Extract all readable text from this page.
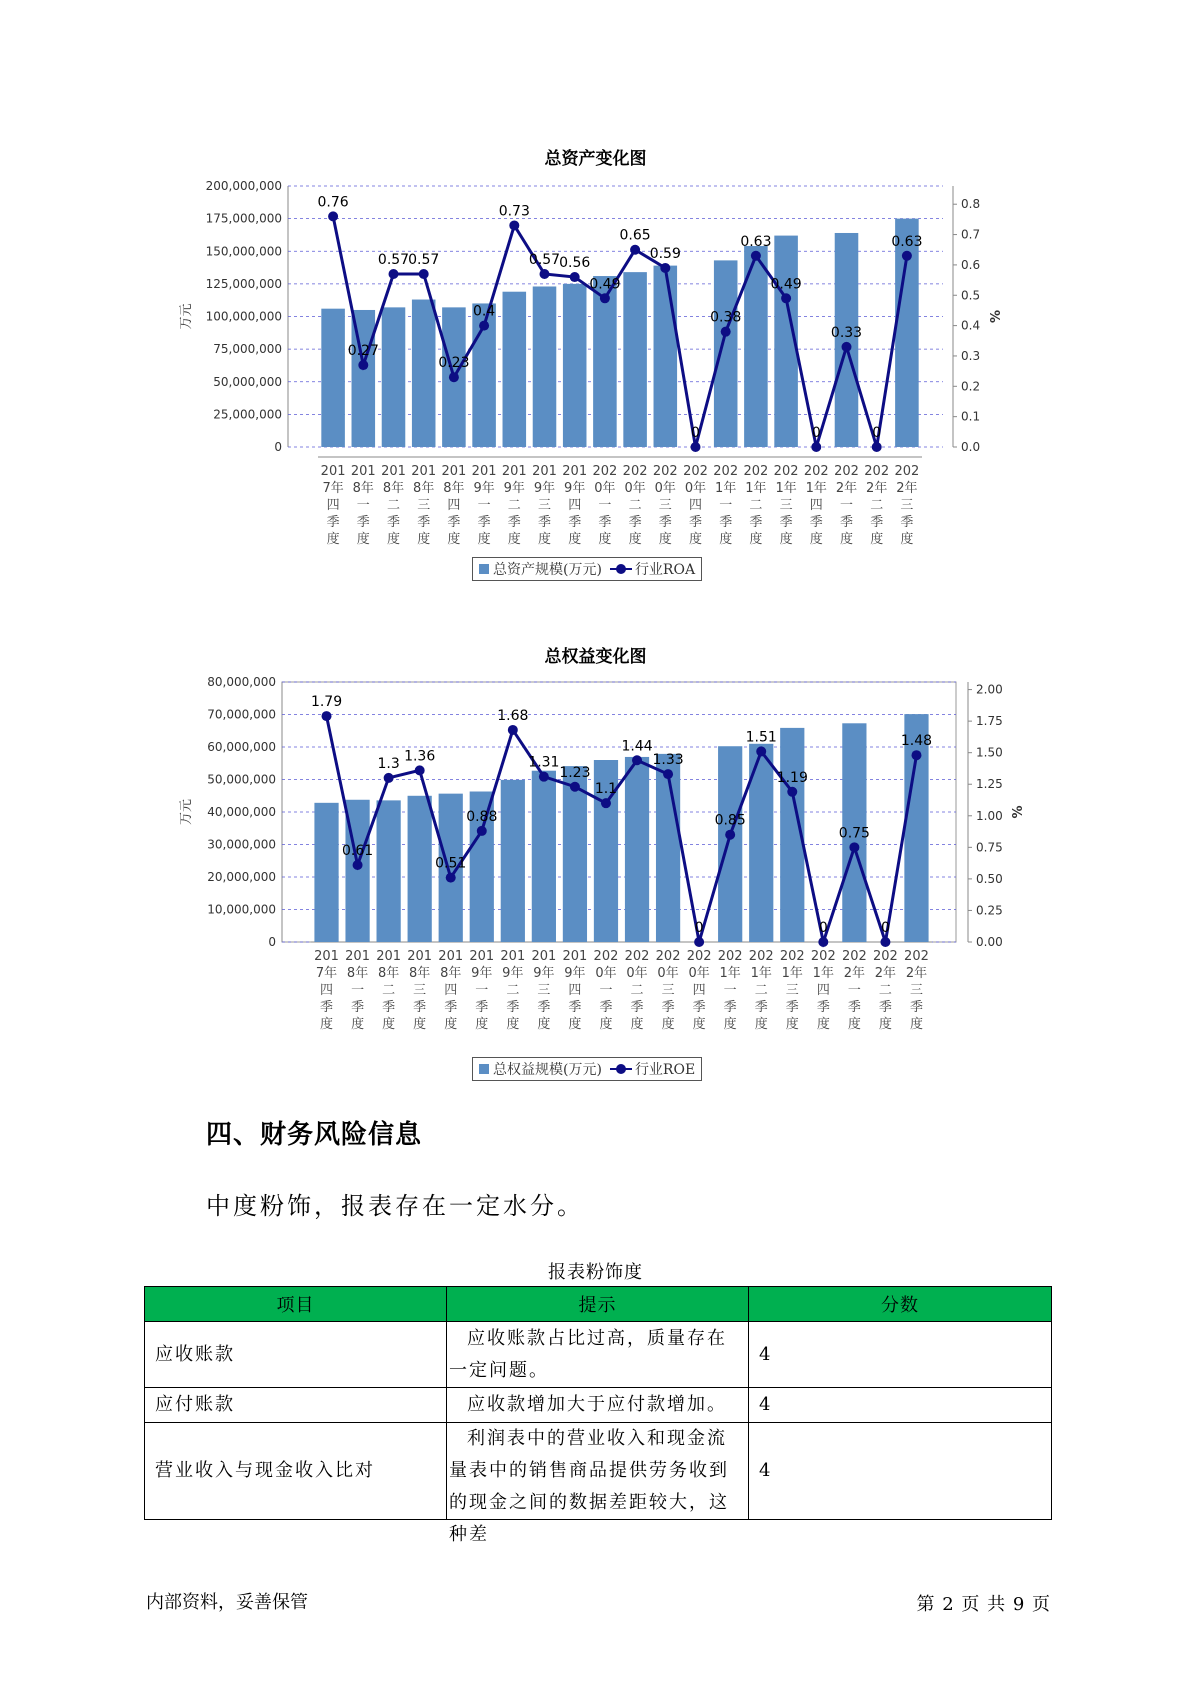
总资产变化图
0
25,000,000
50,000,000
75,000,000
100,000,000
125,000,000
150,000,000
175,000,000
200,000,000
0.0
0.1
0.2
0.3
0.4
0.5
0.6
0.7
0.8
万元	%
201
7年
四
季
度
201
8年
一
季
度
201
8年
二
季
度
201
8年
三
季
度
201
8年
四
季
度
201
9年
一
季
度
201
9年
二
季
度
201
9年
三
季
度
201
9年
四
季
度
202
0年
一
季
度
202
0年
二
季
度
202
0年
三
季
度
202
0年
四
季
度
202
1年
一
季
度
202
1年
二
季
度
202
1年
三
季
度
202
1年
四
季
度
202
2年
一
季
度
202
2年
二
季
度
202
2年
三
季
度
0.76
0.27
0.57 0.57
0.23
0.4
0.73
0.57 0.56
0.49
0.65
0.59
0
0.38
0.63
0.49
0
0.33
0
0.63
总资产规模(万元) 行业ROA
总权益变化图
0
10,000,000
20,000,000
30,000,000
40,000,000
50,000,000
60,000,000
70,000,000
80,000,000
0.00
0.25
0.50
0.75
1.00
1.25
1.50
1.75
2.00
万元	%
201
7年
四
季
度
201
8年
一
季
度
201
8年
二
季
度
201
8年
三
季
度
201
8年
四
季
度
201
9年
一
季
度
201
9年
二
季
度
201
9年
三
季
度
201
9年
四
季
度
202
0年
一
季
度
202
0年
二
季
度
202
0年
三
季
度
202
0年
四
季
度
202
1年
一
季
度
202
1年
二
季
度
202
1年
三
季
度
202
1年
四
季
度
202
2年
一
季
度
202
2年
二
季
度
202
2年
三
季
度
1.79
0.61
1.3 1.36
0.51
0.88
1.68
1.31
1.23
1.1
1.44
1.33
0
0.85
1.51
1.19
0
0.75
0
1.48
总权益规模(万元) 行业ROE
四、财务风险信息
中度粉饰，报表存在一定水分。
报表粉饰度
项目	提示	分数
应收账款	应收账款占比过高，质量存在一定问题。	4
应付账款	应收款增加大于应付款增加。	4
营业收入与现金收入比对	利润表中的营业收入和现金流量表中的销售商品提供劳务收到的现金之间的数据差距较大，这种差	4
内部资料，妥善保管	第 2 页 共 9 页
